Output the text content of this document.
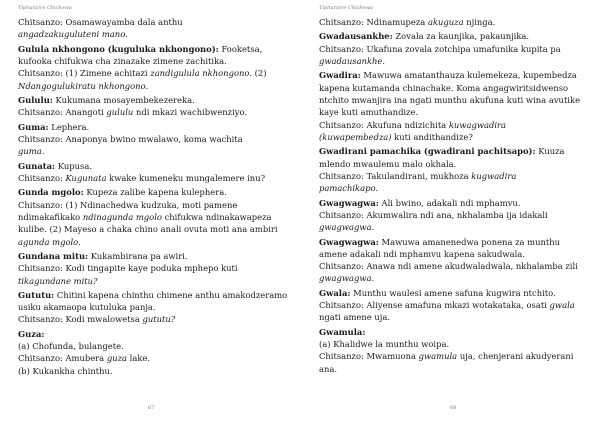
Tiphunzire Chichewa

Chitsanzo: Osamawayamba dala anthu

angadzakuguluteni mano.

Gulula nkhongono (kuguluka nkhongono): Fooketsa, kufooka chifukwa cha zinazake zimene zachitika.

Chitsanzo: (1) Zimene achitazi zandigulula nkhongono. (2)

Ndangogulukiratu nkhongono.

Gululu: Kukumana mosayembekezereka.

Chitsanzo: Anangoti gululu ndi mkazi wachibwenziyo.

Guma: Lephera.

Chitsanzo: Anaponya bwino mwalawo, koma wachita

guma.

Gunata: Kupusa.

Chitsanzo: Kugunata kwake kumeneku mungalemere inu?

Gunda mgolo: Kupeza zalibe kapena kulephera.

Chitsanzo: (1) Ndinachedwa kudzuka, moti pamene ndimakafikako ndinagunda mgolo chifukwa ndinakawapeza kulibe. (2) Mayeso a chaka chino anali ovuta moti ana ambiri agunda mgolo.

Gundana mitu: Kukambirana pa awiri.

Chitsanzo: Kodi tingapite kaye poduka mphepo kuti

tikagundane mitu?

Gututu: Chitini kapena chinthu chimene anthu amakodzeramo usiku akamaopa kutuluka panja.

Chitsanzo: Kodi mwalowetsa gututu?

Guza:

(a) Chofunda, bulangete.

Chitsanzo: Amubera guza lake.

(b) Kukankha chinthu.

67
Tiphunzire Chichewa

Chitsanzo: Ndinamupeza akuguza njinga.

Gwadausankhe: Zovala za kaunjika, pakaunjika.

Chitsanzo: Ukafuna zovala zotchipa umafunika kupita pa

gwadausankhe.

Gwadira: Mawuwa amatanthauza kulemekeza, kupembedza kapena kutamanda chinachake. Koma angagwiritsidwenso ntchito mwanjira ina ngati munthu akufuna kuti wina avutike kaye kuti amuthandize.

Chitsanzo: Akufuna ndizichita kuwagwadira

(kuwapembedza) kuti andithandize?

Gwadirani pamachika (gwadirani pachitsapo): Kuuza mlendo mwaulemu malo okhala.

Chitsanzo: Takulandirani, mukhoza kugwadira

pamachikapo.

Gwagwagwa: Ali bwino, adakali ndi mphamvu.

Chitsanzo: Akumwalira ndi ana, nkhalamba ija idakali

gwagwagwa.

Gwagwagwa: Mawuwa amanenedwa ponena za munthu amene adakali ndi mphamvu kapena sakudwala.

Chitsanzo: Anawa ndi amene akudwaladwala, nkhalamba zili gwagwagwa.

Gwala: Munthu waulesi amene safuna kugwira ntchito.

Chitsanzo: Aliyense amafuna mkazi wotakataka, osati gwala ngati amene uja.

Gwamula:

(a) Khalidwe la munthu woipa.

Chitsanzo: Mwamuona gwamula uja, chenjerani akudyerani ana.

68
